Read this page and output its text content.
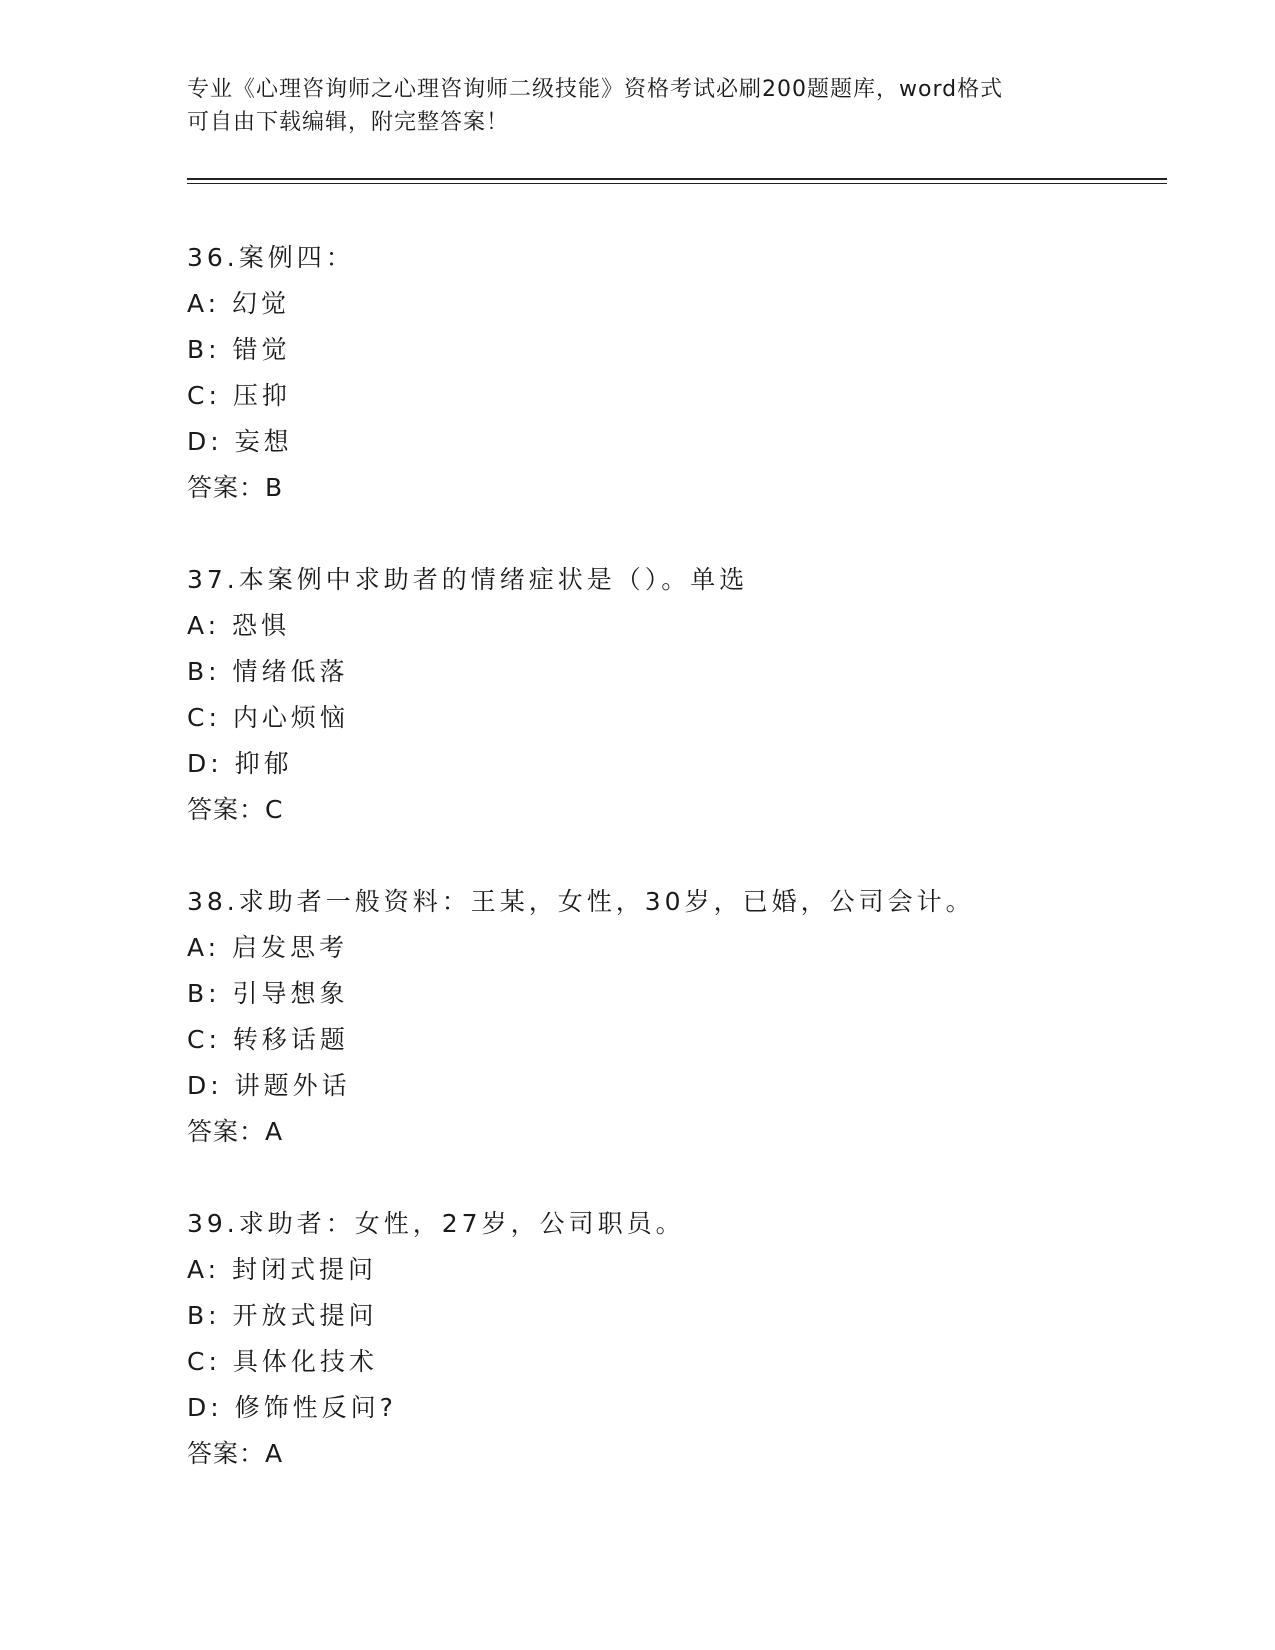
专业《心理咨询师之心理咨询师二级技能》资格考试必刷200题题库，word格式
可自由下载编辑，附完整答案！
36.案例四：
A: 幻觉
B: 错觉
C: 压抑
D: 妄想
答案：B
37.本案例中求助者的情绪症状是（）。单选
A: 恐惧
B: 情绪低落
C: 内心烦恼
D: 抑郁
答案：C
38.求助者一般资料：王某，女性，30岁，已婚，公司会计。
A: 启发思考
B: 引导想象
C: 转移话题
D: 讲题外话
答案：A
39.求助者：女性，27岁，公司职员。
A: 封闭式提问
B: 开放式提问
C: 具体化技术
D: 修饰性反问?
答案：A
